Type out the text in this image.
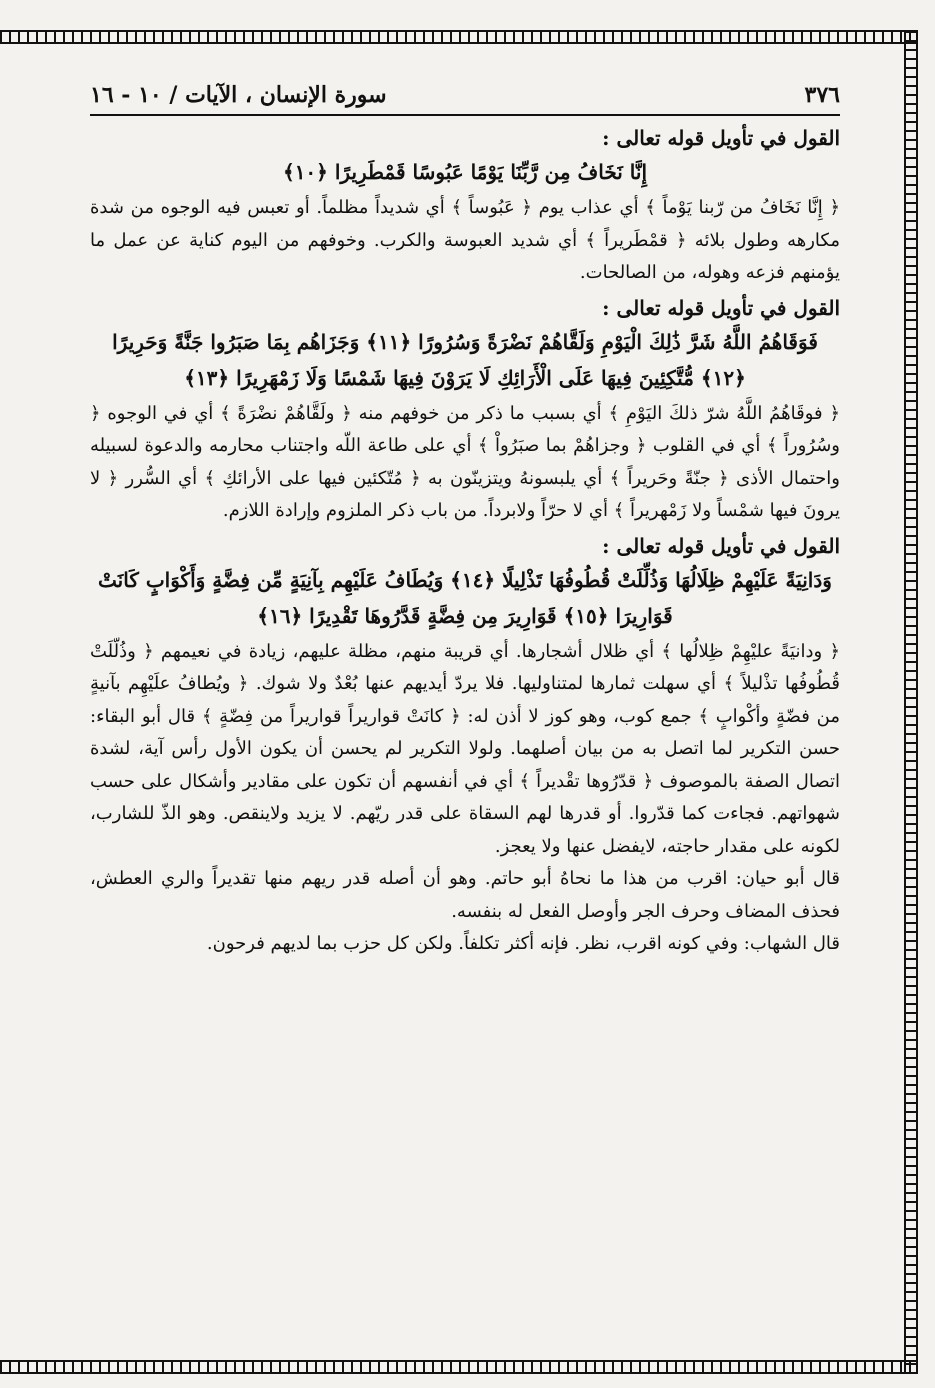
٣٧٦
سورة الإنسان ، الآيات / ١٠ - ١٦
القول في تأويل قوله تعالى :
إِنَّا نَخَافُ مِن رَّبِّنَا يَوْمًا عَبُوسًا قَمْطَرِيرًا ﴿١٠﴾

﴿ إِنَّا نَخَافُ من رّبنا يَوْماً ﴾ أي عذاب يوم ﴿ عَبُوساً ﴾ أي شديداً مظلماً. أو تعبس فيه الوجوه من شدة مكارهه وطول بلائه ﴿ قمْطَريراً ﴾ أي شديد العبوسة والكرب. وخوفهم من اليوم كناية عن عمل ما يؤمنهم فزعه وهوله، من الصالحات.

القول في تأويل قوله تعالى :
فَوَقَاهُمُ اللَّهُ شَرَّ ذَٰلِكَ الْيَوْمِ وَلَقَّاهُمْ نَضْرَةً وَسُرُورًا ﴿١١﴾ وَجَزَاهُم بِمَا صَبَرُوا جَنَّةً وَحَرِيرًا ﴿١٢﴾ مُّتَّكِئِينَ فِيهَا عَلَى الْأَرَائِكِ لَا يَرَوْنَ فِيهَا شَمْسًا وَلَا زَمْهَرِيرًا ﴿١٣﴾

﴿ فوقَاهُمُ اللَّهُ شرّ ذلكَ اليَوْمِ ﴾ أي بسبب ما ذكر من خوفهم منه ﴿ ولَقَّاهُمْ نضْرَةً ﴾ أي في الوجوه ﴿ وسُرُوراً ﴾ أي في القلوب ﴿ وجزاهُمْ بما صبَرُواْ ﴾ أي على طاعة اللّه واجتناب محارمه والدعوة لسبيله واحتمال الأذى ﴿ جنّةً وحَريراً ﴾ أي يلبسونهُ ويتزينّون به ﴿ مُتّكئين فيها على الأرائكِ ﴾ أي السُّرر ﴿ لا يرونَ فيها شمْساً ولا زَمْهريراً ﴾ أي لا حرّاً ولابرداً. من باب ذكر الملزوم وإرادة اللازم.

القول في تأويل قوله تعالى :
وَدَانِيَةً عَلَيْهِمْ ظِلَالُهَا وَذُلِّلَتْ قُطُوفُهَا تَذْلِيلًا ﴿١٤﴾ وَيُطَافُ عَلَيْهِم بِآنِيَةٍ مِّن فِضَّةٍ وَأَكْوَابٍ كَانَتْ قَوَارِيرَا ﴿١٥﴾ قَوَارِيرَ مِن فِضَّةٍ قَدَّرُوهَا تَقْدِيرًا ﴿١٦﴾

﴿ ودانيَةً عليْهِمْ ظِلالُها ﴾ أي ظلال أشجارها. أي قريبة منهم، مظلة عليهم، زيادة في نعيمهم ﴿ وذُلّلَتْ قُطُوفُها تذْليلاً ﴾ أي سهلت ثمارها لمتناوليها. فلا يردّ أيديهم عنها بُعْدٌ ولا شوك. ﴿ ويُطافُ علَيْهِم بآنيةٍ من فضّةٍ وأكْوابٍ ﴾ جمع كوب، وهو كوز لا أذن له: ﴿ كانَتْ قواريراً قواريراً من فِضّةٍ ﴾ قال أبو البقاء: حسن التكرير لما اتصل به من بيان أصلهما. ولولا التكرير لم يحسن أن يكون الأول رأس آية، لشدة اتصال الصفة بالموصوف ﴿ قدّرُوها تقْديراً ﴾ أي في أنفسهم أن تكون على مقادير وأشكال على حسب شهواتهم. فجاءت كما قدّروا. أو قدرها لهم السقاة على قدر ريّهم. لا يزيد ولاينقص. وهو الذّ للشارب، لكونه على مقدار حاجته، لايفضل عنها ولا يعجز.

قال أبو حيان: اقرب من هذا ما نحاهُ أبو حاتم. وهو أن أصله قدر ريهم منها تقديراً والري العطش، فحذف المضاف وحرف الجر وأوصل الفعل له بنفسه.

قال الشهاب: وفي كونه اقرب، نظر. فإنه أكثر تكلفاً. ولكن كل حزب بما لديهم فرحون.
